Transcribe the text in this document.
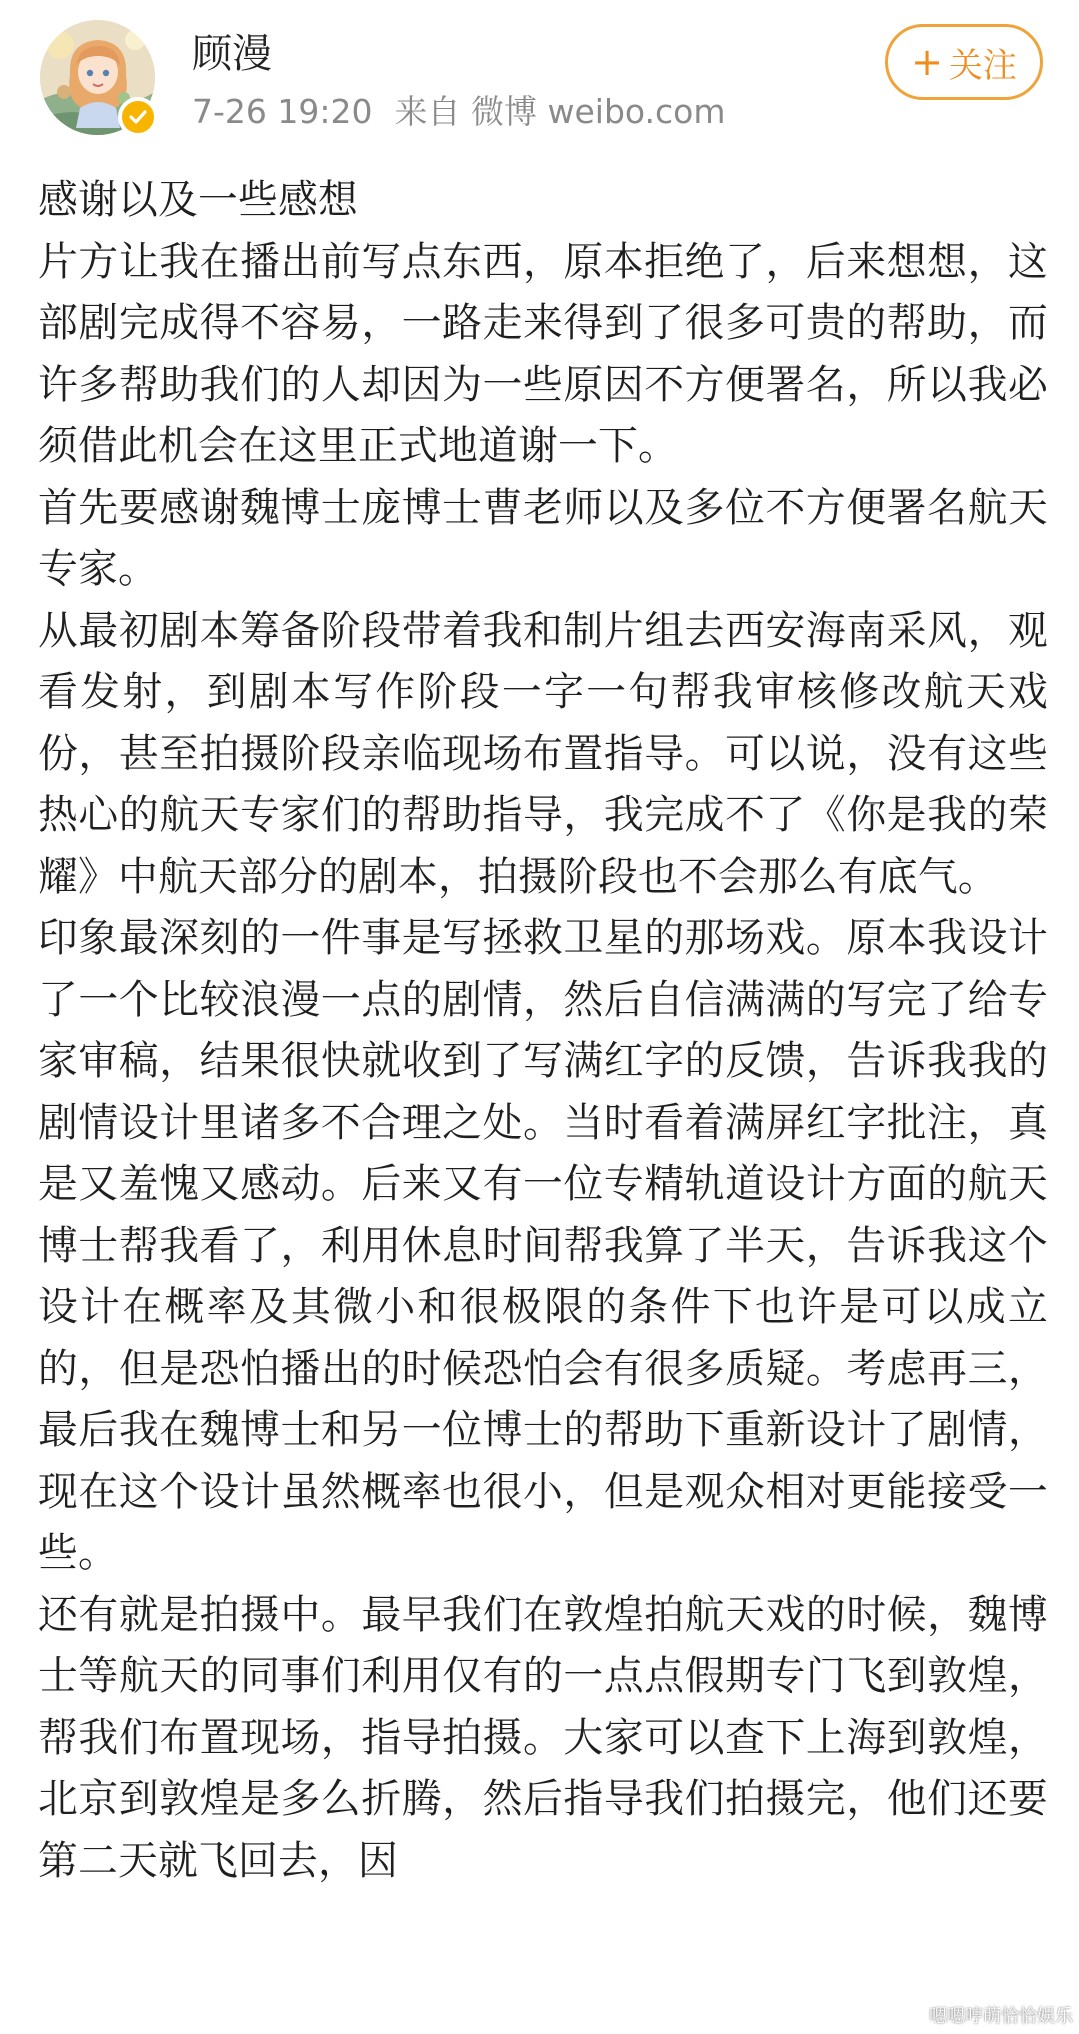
顾漫
7-26 19:20 来自 微博 weibo.com
+ 关注

感谢以及一些感想

片方让我在播出前写点东西，原本拒绝了，后来想想，这部剧完成得不容易，一路走来得到了很多可贵的帮助，而许多帮助我们的人却因为一些原因不方便署名，所以我必须借此机会在这里正式地道谢一下。

首先要感谢魏博士庞博士曹老师以及多位不方便署名航天专家。

从最初剧本筹备阶段带着我和制片组去西安海南采风，观看发射，到剧本写作阶段一字一句帮我审核修改航天戏份，甚至拍摄阶段亲临现场布置指导。可以说，没有这些热心的航天专家们的帮助指导，我完成不了《你是我的荣耀》中航天部分的剧本，拍摄阶段也不会那么有底气。

印象最深刻的一件事是写拯救卫星的那场戏。原本我设计了一个比较浪漫一点的剧情，然后自信满满的写完了给专家审稿，结果很快就收到了写满红字的反馈，告诉我我的剧情设计里诸多不合理之处。当时看着满屏红字批注，真是又羞愧又感动。后来又有一位专精轨道设计方面的航天博士帮我看了，利用休息时间帮我算了半天，告诉我这个设计在概率及其微小和很极限的条件下也许是可以成立的，但是恐怕播出的时候恐怕会有很多质疑。考虑再三，最后我在魏博士和另一位博士的帮助下重新设计了剧情，现在这个设计虽然概率也很小，但是观众相对更能接受一些。

还有就是拍摄中。最早我们在敦煌拍航天戏的时候，魏博士等航天的同事们利用仅有的一点点假期专门飞到敦煌，帮我们布置现场，指导拍摄。大家可以查下上海到敦煌，北京到敦煌是多么折腾，然后指导我们拍摄完，他们还要第二天就飞回去，因

嗯嗯哼萌恰恰娱乐
